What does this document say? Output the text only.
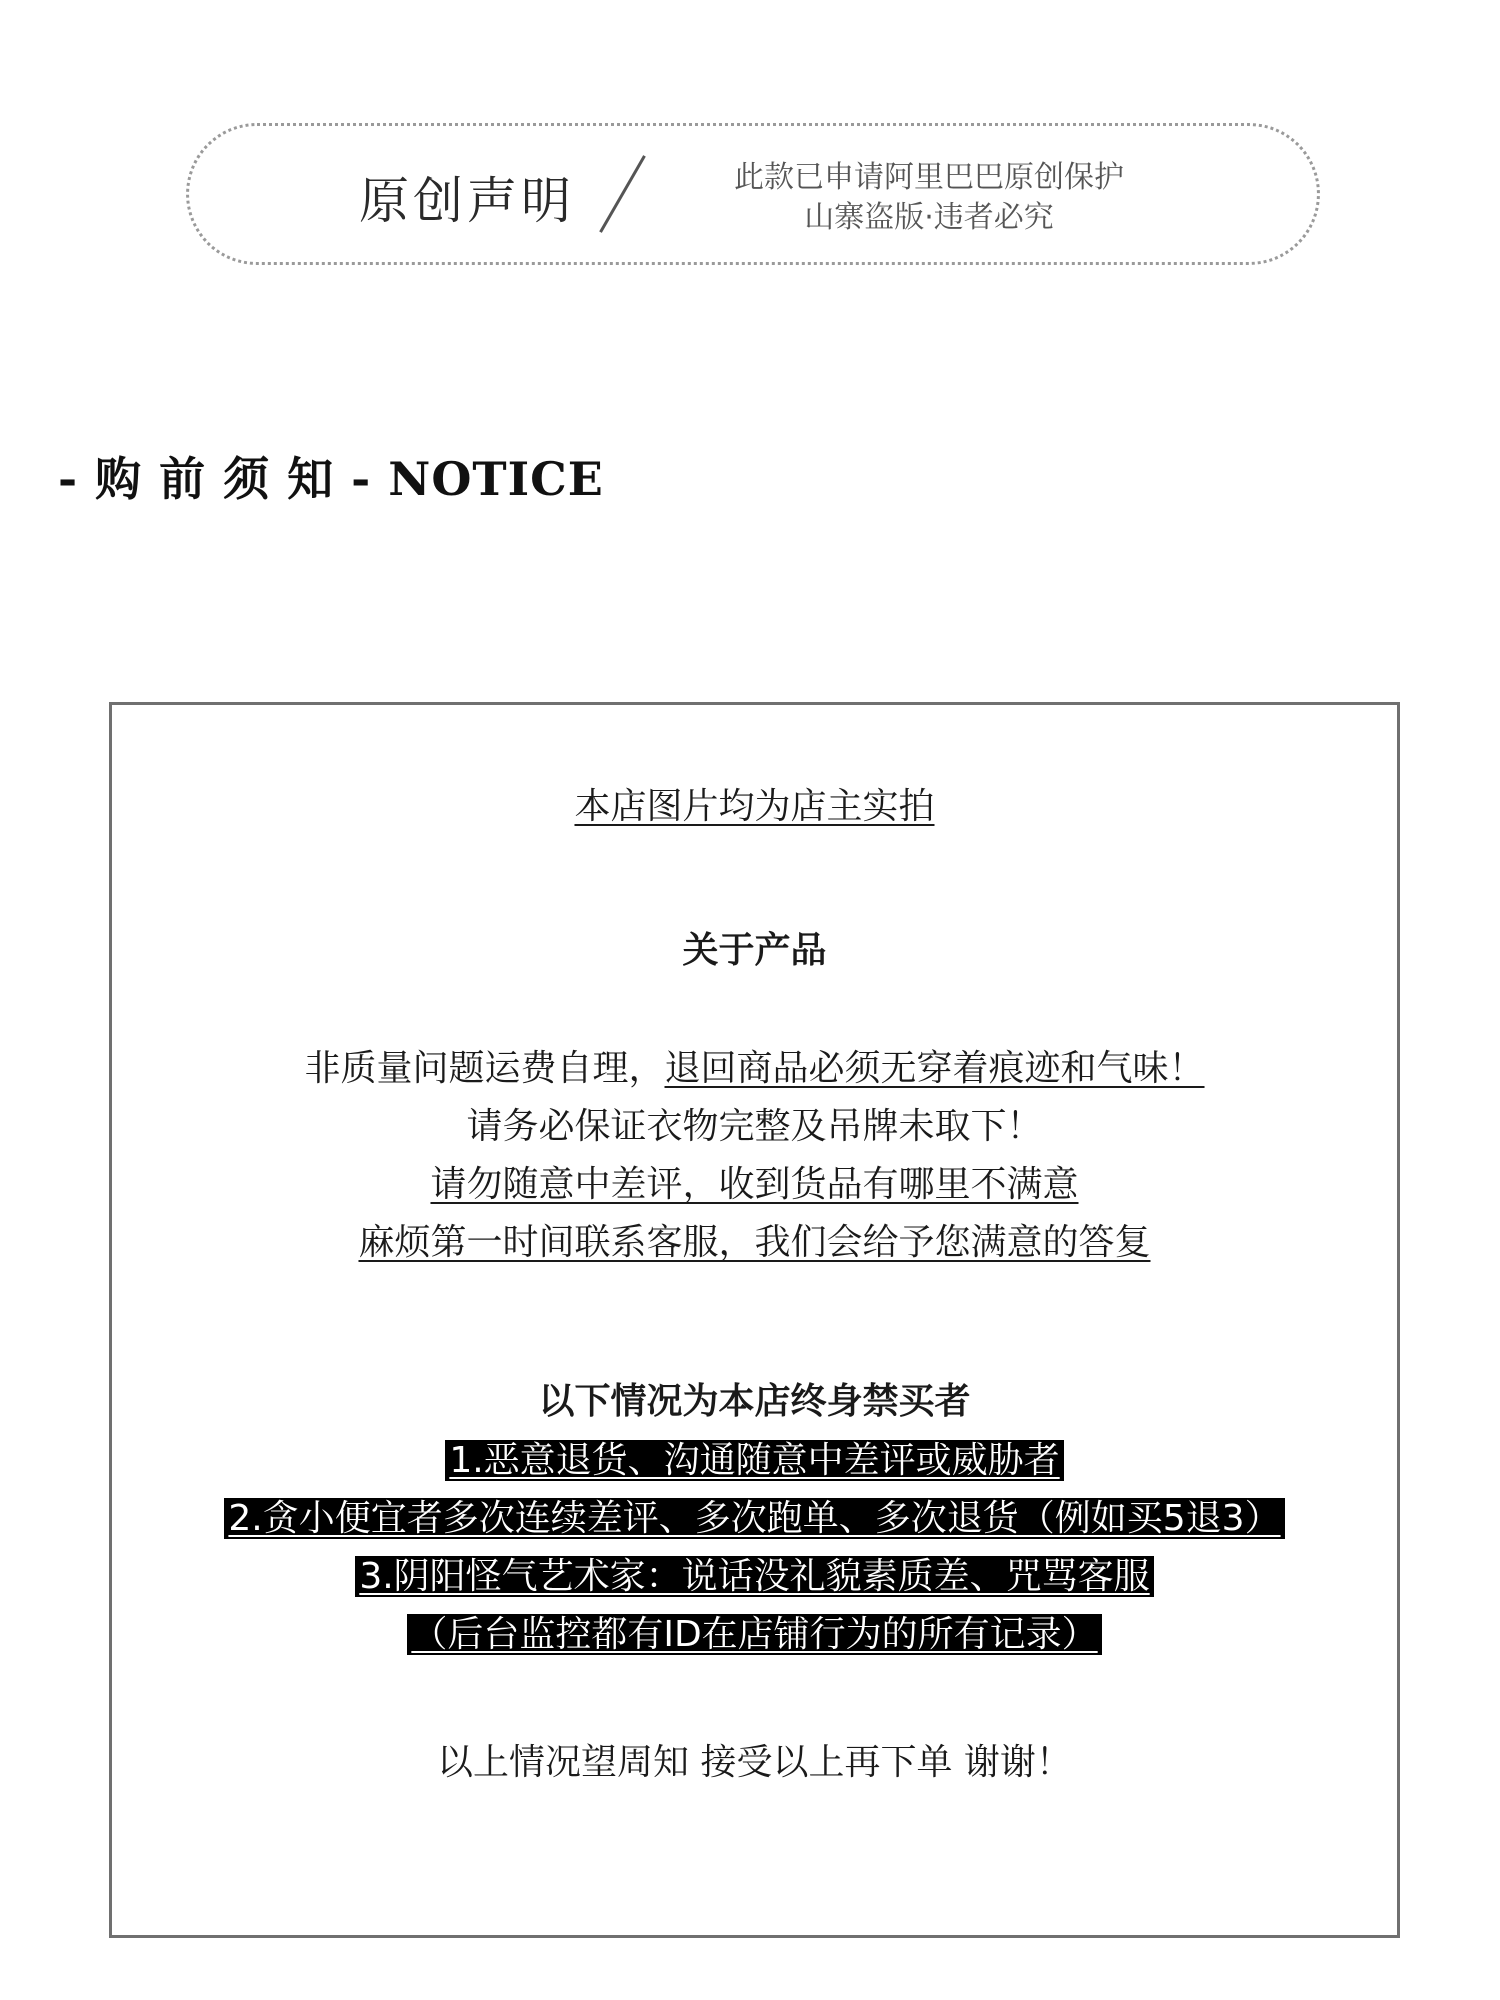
原创声明	此款已申请阿里巴巴原创保护
山寨盗版·违者必究
- 购 前 须 知 - NOTICE
本店图片均为店主实拍
关于产品
非质量问题运费自理，退回商品必须无穿着痕迹和气味！
请务必保证衣物完整及吊牌未取下！
请勿随意中差评，收到货品有哪里不满意
麻烦第一时间联系客服，我们会给予您满意的答复
以下情况为本店终身禁买者
1.恶意退货、沟通随意中差评或威胁者
2.贪小便宜者多次连续差评、多次跑单、多次退货（例如买5退3）
3.阴阳怪气艺术家：说话没礼貌素质差、咒骂客服
（后台监控都有ID在店铺行为的所有记录）
以上情况望周知 接受以上再下单 谢谢！
